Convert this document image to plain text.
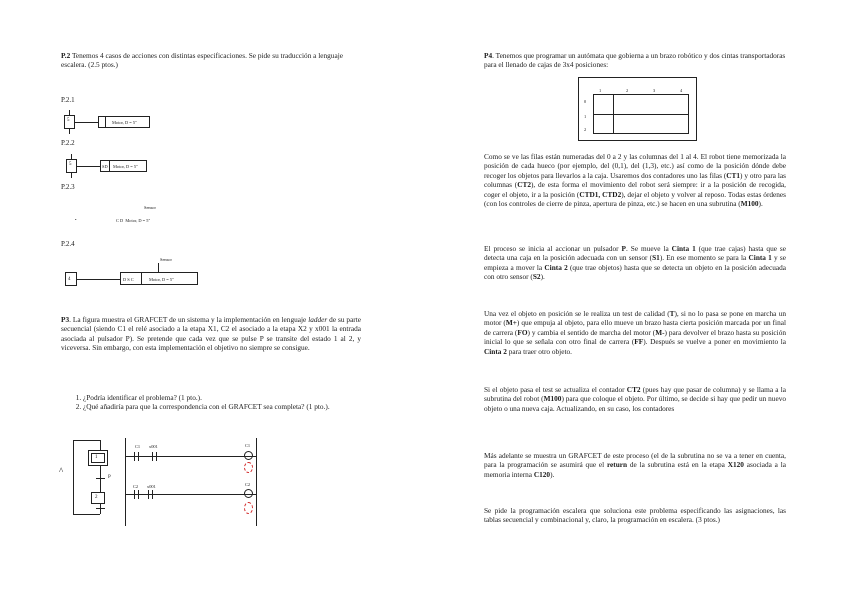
P.2 Tenemos 4 casos de acciones con distintas especificaciones. Se pide su traducción a lenguaje escalera. (2.5 ptos.)

P.2.1
5	Motor, D = 5"
P.2.2
5	SD Motor, D = 5"
P.2.3
Sensor
•	C D Motor, D = 5"
P.2.4
Sensor
4	D S C	Motor, D = 5"

P3. La figura muestra el GRAFCET de un sistema y la implementación en lenguaje ladder de su parte secuencial (siendo C1 el relé asociado a la etapa X1, C2 el asociado a la etapa X2 y x001 la entrada asociada al pulsador P). Se pretende que cada vez que se pulse P se transite del estado 1 al 2, y viceversa. Sin embargo, con esta implementación el objetivo no siempre se consigue.

1. ¿Podría identificar el problema? (1 pto.).
2. ¿Qué añadiría para que la correspondencia con el GRAFCET sea completa? (1 pto.).
1
P
2
^
C1 x001	C1
C2 x001	C2

P4. Tenemos que programar un autómata que gobierna a un brazo robótico y dos cintas transportadoras para el llenado de cajas de 3x4 posiciones:

1	2	3	4
0
1
2

Como se ve las filas están numeradas del 0 a 2 y las columnas del 1 al 4. El robot tiene memorizada la posición de cada hueco (por ejemplo, del (0,1), del (1,3), etc.) así como de la posición dónde debe recoger los objetos para llevarlos a la caja. Usaremos dos contadores uno las filas (CT1) y otro para las columnas (CT2), de esta forma el movimiento del robot será siempre: ir a la posición de recogida, coger el objeto, ir a la posición (CTD1, CTD2), dejar el objeto y volver al reposo. Todas estas órdenes (con los controles de cierre de pinza, apertura de pinza, etc.) se hacen en una subrutina (M100).

El proceso se inicia al accionar un pulsador P. Se mueve la Cinta 1 (que trae cajas) hasta que se detecta una caja en la posición adecuada con un sensor (S1). En ese momento se para la Cinta 1 y se empieza a mover la Cinta 2 (que trae objetos) hasta que se detecta un objeto en la posición adecuada con otro sensor (S2).

Una vez el objeto en posición se le realiza un test de calidad (T), si no lo pasa se pone en marcha un motor (M+) que empuja al objeto, para ello mueve un brazo hasta cierta posición marcada por un final de carrera (FO) y cambia el sentido de marcha del motor (M-) para devolver el brazo hasta su posición inicial lo que se señala con otro final de carrera (FF). Después se vuelve a poner en movimiento la Cinta 2 para traer otro objeto.

Si el objeto pasa el test se actualiza el contador CT2 (pues hay que pasar de columna) y se llama a la subrutina del robot (M100) para que coloque el objeto. Por último, se decide si hay que pedir un nuevo objeto o una nueva caja. Actualizando, en su caso, los contadores

Más adelante se muestra un GRAFCET de este proceso (el de la subrutina no se va a tener en cuenta, para la programación se asumirá que el return de la subrutina está en la etapa X120 asociada a la memoria interna C120).

Se pide la programación escalera que soluciona este problema especificando las asignaciones, las tablas secuencial y combinacional y, claro, la programación en escalera. (3 ptos.)
